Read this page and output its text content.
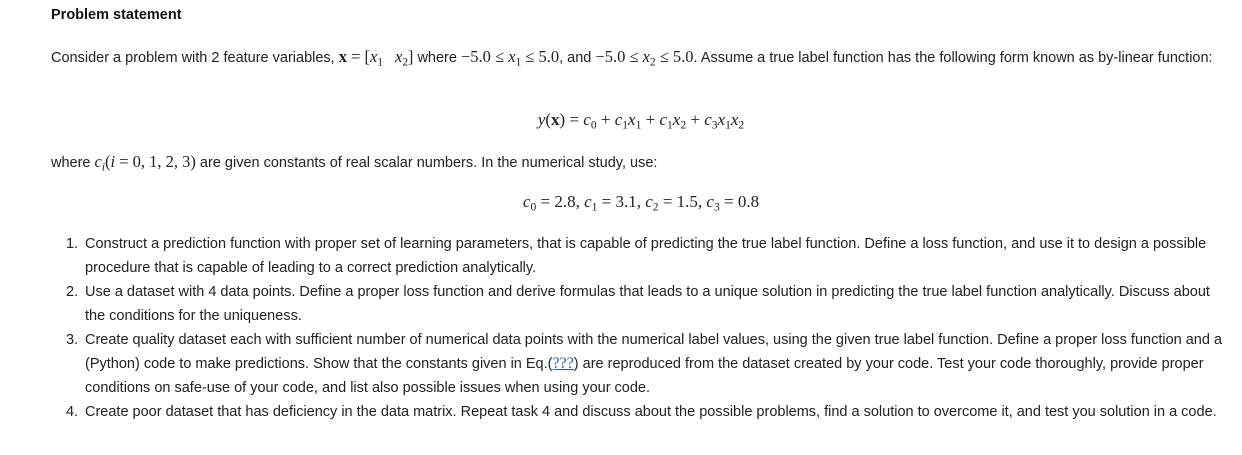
Problem statement
Consider a problem with 2 feature variables, $x = [x_1$ $x_2$] where $-5.0 \le x_1 \le 5.0$, and $-5.0 \le x_2 \le 5.0$. Assume a true label function has the following form known as by-linear function:
$y(x) = c_0 + c_1x_1 + c_1x_2 + c_3x_1x_2$
where $c_i(i = 0$, 1, 2, 3) are given constants of real scalar numbers. In the numerical study, use:
$c_0 = 2.8$, $c_1 = 3.1$, $c_2 = 1.5$, $c_3 = 0.8$
1. Construct a prediction function with proper set of learning parameters, that is capable of predicting the true label function. Define a loss function, and use it to design a possible procedure that is capable of leading to a correct prediction analytically.
2. Use a dataset with 4 data points. Define a proper loss function and derive formulas that leads to a unique solution in predicting the true label function analytically. Discuss about the conditions for the uniqueness.
3. Create quality dataset each with sufficient number of numerical data points with the numerical label values, using the given true label function. Define a proper loss function and a (Python) code to make predictions. Show that the constants given in Eq.(???) are reproduced from the dataset created by your code. Test your code thoroughly, provide proper conditions on safe-use of your code, and list also possible issues when using your code.
4. Create poor dataset that has deficiency in the data matrix. Repeat task 4 and discuss about the possible problems, find a solution to overcome it, and test you solution in a code.
